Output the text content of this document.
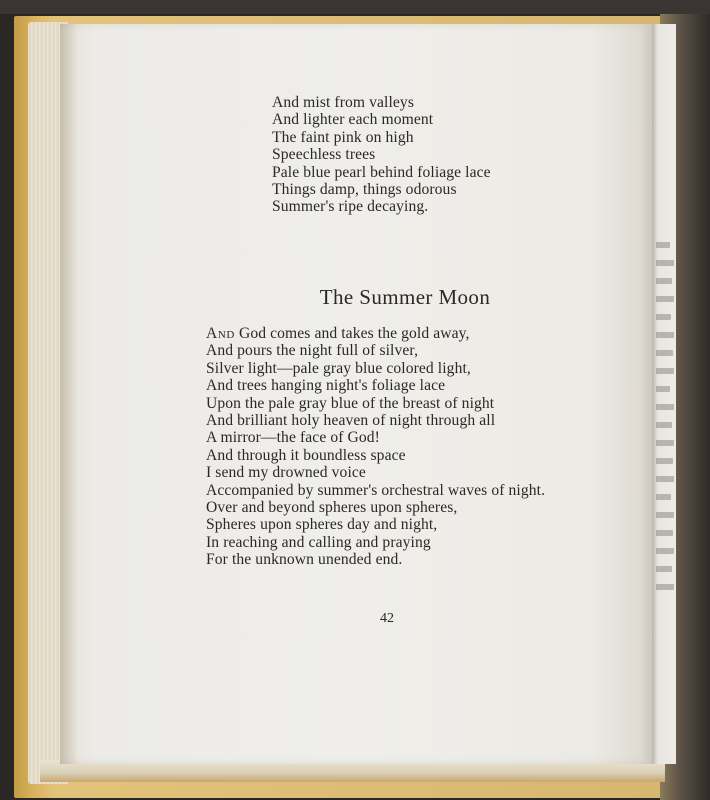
And mist from valleys
And lighter each moment
The faint pink on high
Speechless trees
Pale blue pearl behind foliage lace
Things damp, things odorous
Summer's ripe decaying.
The Summer Moon
And God comes and takes the gold away,
And pours the night full of silver,
Silver light—pale gray blue colored light,
And trees hanging night's foliage lace
Upon the pale gray blue of the breast of night
And brilliant holy heaven of night through all
A mirror—the face of God!
And through it boundless space
I send my drowned voice
Accompanied by summer's orchestral waves of night.
Over and beyond spheres upon spheres,
Spheres upon spheres day and night,
In reaching and calling and praying
For the unknown unended end.
42
